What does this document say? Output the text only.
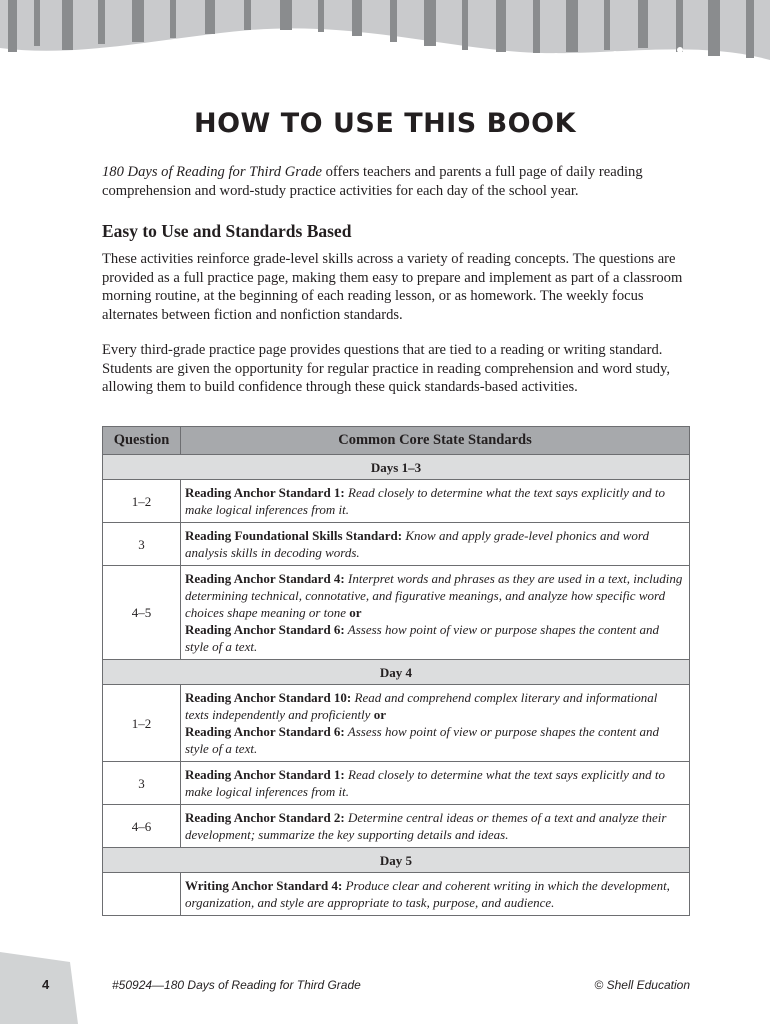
HOW TO USE THIS BOOK

180 Days of Reading for Third Grade offers teachers and parents a full page of daily reading comprehension and word-study practice activities for each day of the school year.

Easy to Use and Standards Based

These activities reinforce grade-level skills across a variety of reading concepts. The questions are provided as a full practice page, making them easy to prepare and implement as part of a classroom morning routine, at the beginning of each reading lesson, or as homework. The weekly focus alternates between fiction and nonfiction standards.

Every third-grade practice page provides questions that are tied to a reading or writing standard. Students are given the opportunity for regular practice in reading comprehension and word study, allowing them to build confidence through these quick standards-based activities.

Question	Common Core State Standards
Days 1–3	
1–2	Reading Anchor Standard 1: Read closely to determine what the text says explicitly and to make logical inferences from it.
3	Reading Foundational Skills Standard: Know and apply grade-level phonics and word analysis skills in decoding words.
4–5	Reading Anchor Standard 4: Interpret words and phrases as they are used in a text, including determining technical, connotative, and figurative meanings, and analyze how specific word choices shape meaning or tone or
Reading Anchor Standard 6: Assess how point of view or purpose shapes the content and style of a text.
Day 4	
1–2	Reading Anchor Standard 10: Read and comprehend complex literary and informational texts independently and proficiently or
Reading Anchor Standard 6: Assess how point of view or purpose shapes the content and style of a text.
3	Reading Anchor Standard 1: Read closely to determine what the text says explicitly and to make logical inferences from it.
4–6	Reading Anchor Standard 2: Determine central ideas or themes of a text and analyze their development; summarize the key supporting details and ideas.
Day 5	
	Writing Anchor Standard 4: Produce clear and coherent writing in which the development, organization, and style are appropriate to task, purpose, and audience.
4	#50924—180 Days of Reading for Third Grade	© Shell Education
